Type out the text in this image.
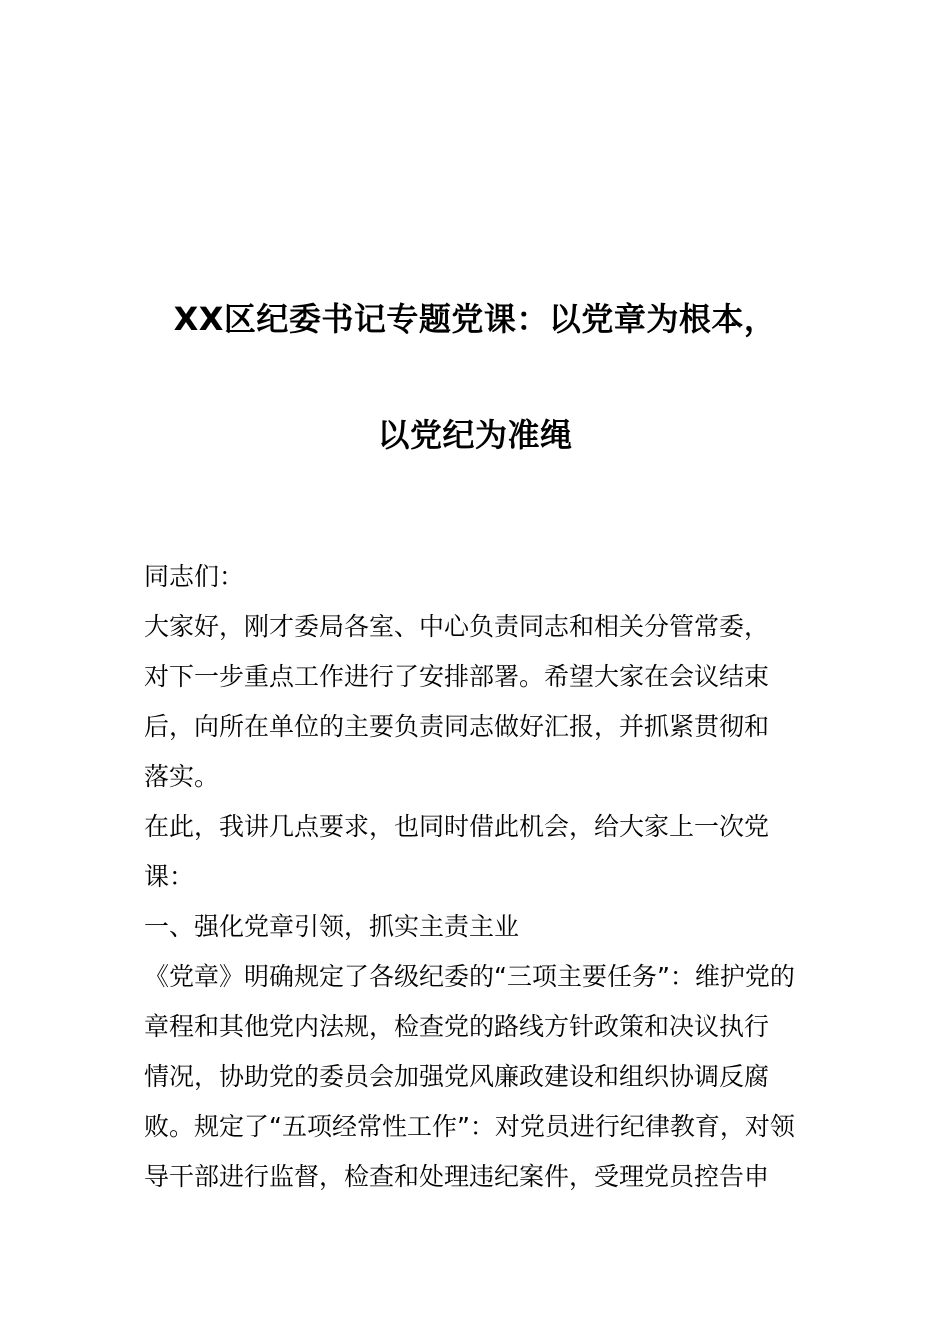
XX区纪委书记专题党课：以党章为根本，
以党纪为准绳

同志们：

大家好，刚才委局各室、中心负责同志和相关分管常委，

对下一步重点工作进行了安排部署。希望大家在会议结束

后，向所在单位的主要负责同志做好汇报，并抓紧贯彻和

落实。

在此，我讲几点要求，也同时借此机会，给大家上一次党

课：

一、强化党章引领，抓实主责主业

《党章》明确规定了各级纪委的“三项主要任务”：维护党的

章程和其他党内法规，检查党的路线方针政策和决议执行

情况，协助党的委员会加强党风廉政建设和组织协调反腐

败。规定了“五项经常性工作”：对党员进行纪律教育，对领

导干部进行监督，检查和处理违纪案件，受理党员控告申
